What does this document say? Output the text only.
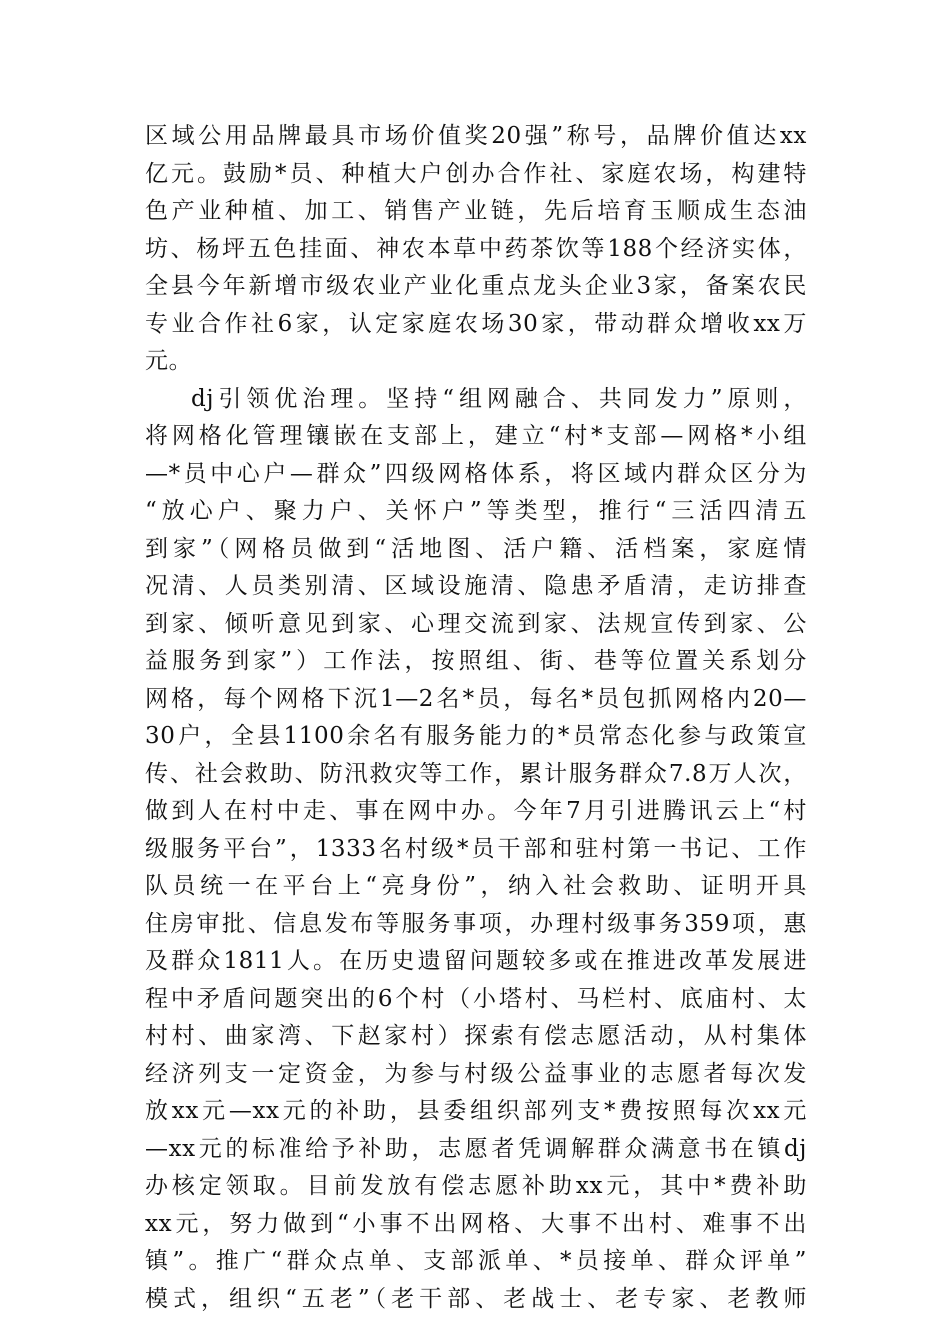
区域公用品牌最具市场价值奖20强”称号，品牌价值达xx
亿元。鼓励*员、种植大户创办合作社、家庭农场，构建特
色产业种植、加工、销售产业链，先后培育玉顺成生态油
坊、杨坪五色挂面、神农本草中药茶饮等188个经济实体，
全县今年新增市级农业产业化重点龙头企业3家，备案农民
专业合作社6家，认定家庭农场30家，带动群众增收xx万
元。
dj引领优治理。坚持“组网融合、共同发力”原则，
将网格化管理镶嵌在支部上，建立“村*支部—网格*小组
—*员中心户—群众”四级网格体系，将区域内群众区分为
“放心户、聚力户、关怀户”等类型，推行“三活四清五
到家”（网格员做到“活地图、活户籍、活档案，家庭情
况清、人员类别清、区域设施清、隐患矛盾清，走访排查
到家、倾听意见到家、心理交流到家、法规宣传到家、公
益服务到家”）工作法，按照组、街、巷等位置关系划分
网格，每个网格下沉1—2名*员，每名*员包抓网格内20—
30户，全县1100余名有服务能力的*员常态化参与政策宣
传、社会救助、防汛救灾等工作，累计服务群众7.8万人次，
做到人在村中走、事在网中办。今年7月引进腾讯云上“村
级服务平台”，1333名村级*员干部和驻村第一书记、工作
队员统一在平台上“亮身份”，纳入社会救助、证明开具
住房审批、信息发布等服务事项，办理村级事务359项，惠
及群众1811人。在历史遗留问题较多或在推进改革发展进
程中矛盾问题突出的6个村（小塔村、马栏村、底庙村、太
村村、曲家湾、下赵家村）探索有偿志愿活动，从村集体
经济列支一定资金，为参与村级公益事业的志愿者每次发
放xx元—xx元的补助，县委组织部列支*费按照每次xx元
—xx元的标准给予补助，志愿者凭调解群众满意书在镇dj
办核定领取。目前发放有偿志愿补助xx元，其中*费补助
xx元，努力做到“小事不出网格、大事不出村、难事不出
镇”。推广“群众点单、支部派单、*员接单、群众评单”
模式，组织“五老”（老干部、老战士、老专家、老教师
